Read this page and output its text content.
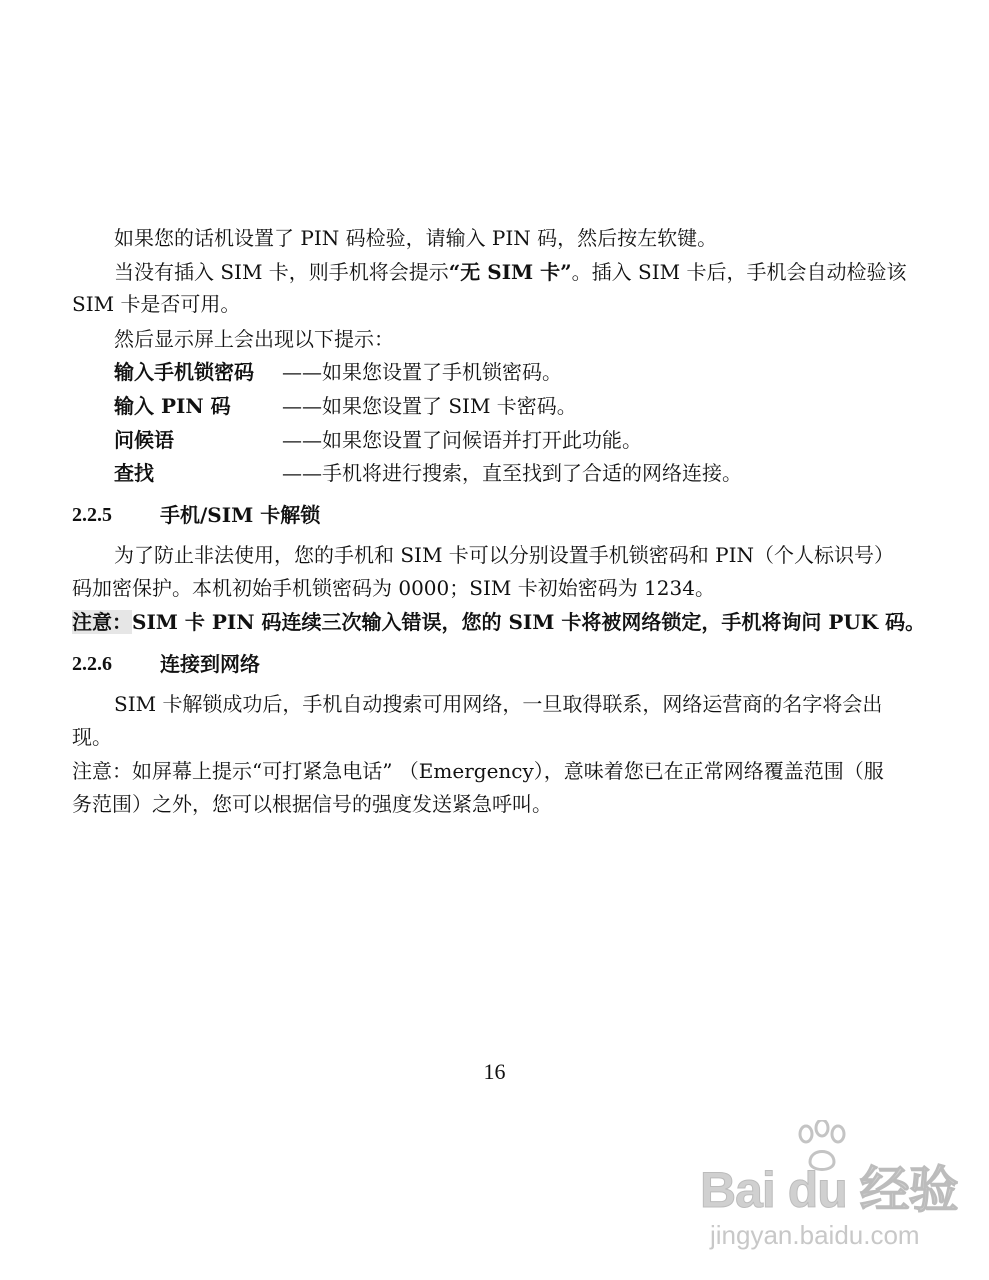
如果您的话机设置了 PIN 码检验，请输入 PIN 码，然后按左软键。
当没有插入 SIM 卡，则手机将会提示“无 SIM 卡”。插入 SIM 卡后，手机会自动检验该
SIM 卡是否可用。
然后显示屏上会出现以下提示：
输入手机锁密码 ——如果您设置了手机锁密码。
输入 PIN 码	——如果您设置了 SIM 卡密码。
问候语	——如果您设置了问候语并打开此功能。
查找	——手机将进行搜索，直至找到了合适的网络连接。
2.2.5 手机/SIM 卡解锁
为了防止非法使用，您的手机和 SIM 卡可以分别设置手机锁密码和 PIN（个人标识号）
码加密保护。本机初始手机锁密码为 0000；SIM 卡初始密码为 1234。
注意：SIM 卡 PIN 码连续三次输入错误，您的 SIM 卡将被网络锁定，手机将询问 PUK 码。
2.2.6 连接到网络
SIM 卡解锁成功后，手机自动搜索可用网络，一旦取得联系，网络运营商的名字将会出
现。
注意：如屏幕上提示“可打紧急电话” （Emergency），意味着您已在正常网络覆盖范围（服
务范围）之外，您可以根据信号的强度发送紧急呼叫。
16
Bai du 经验
jingyan.baidu.com
